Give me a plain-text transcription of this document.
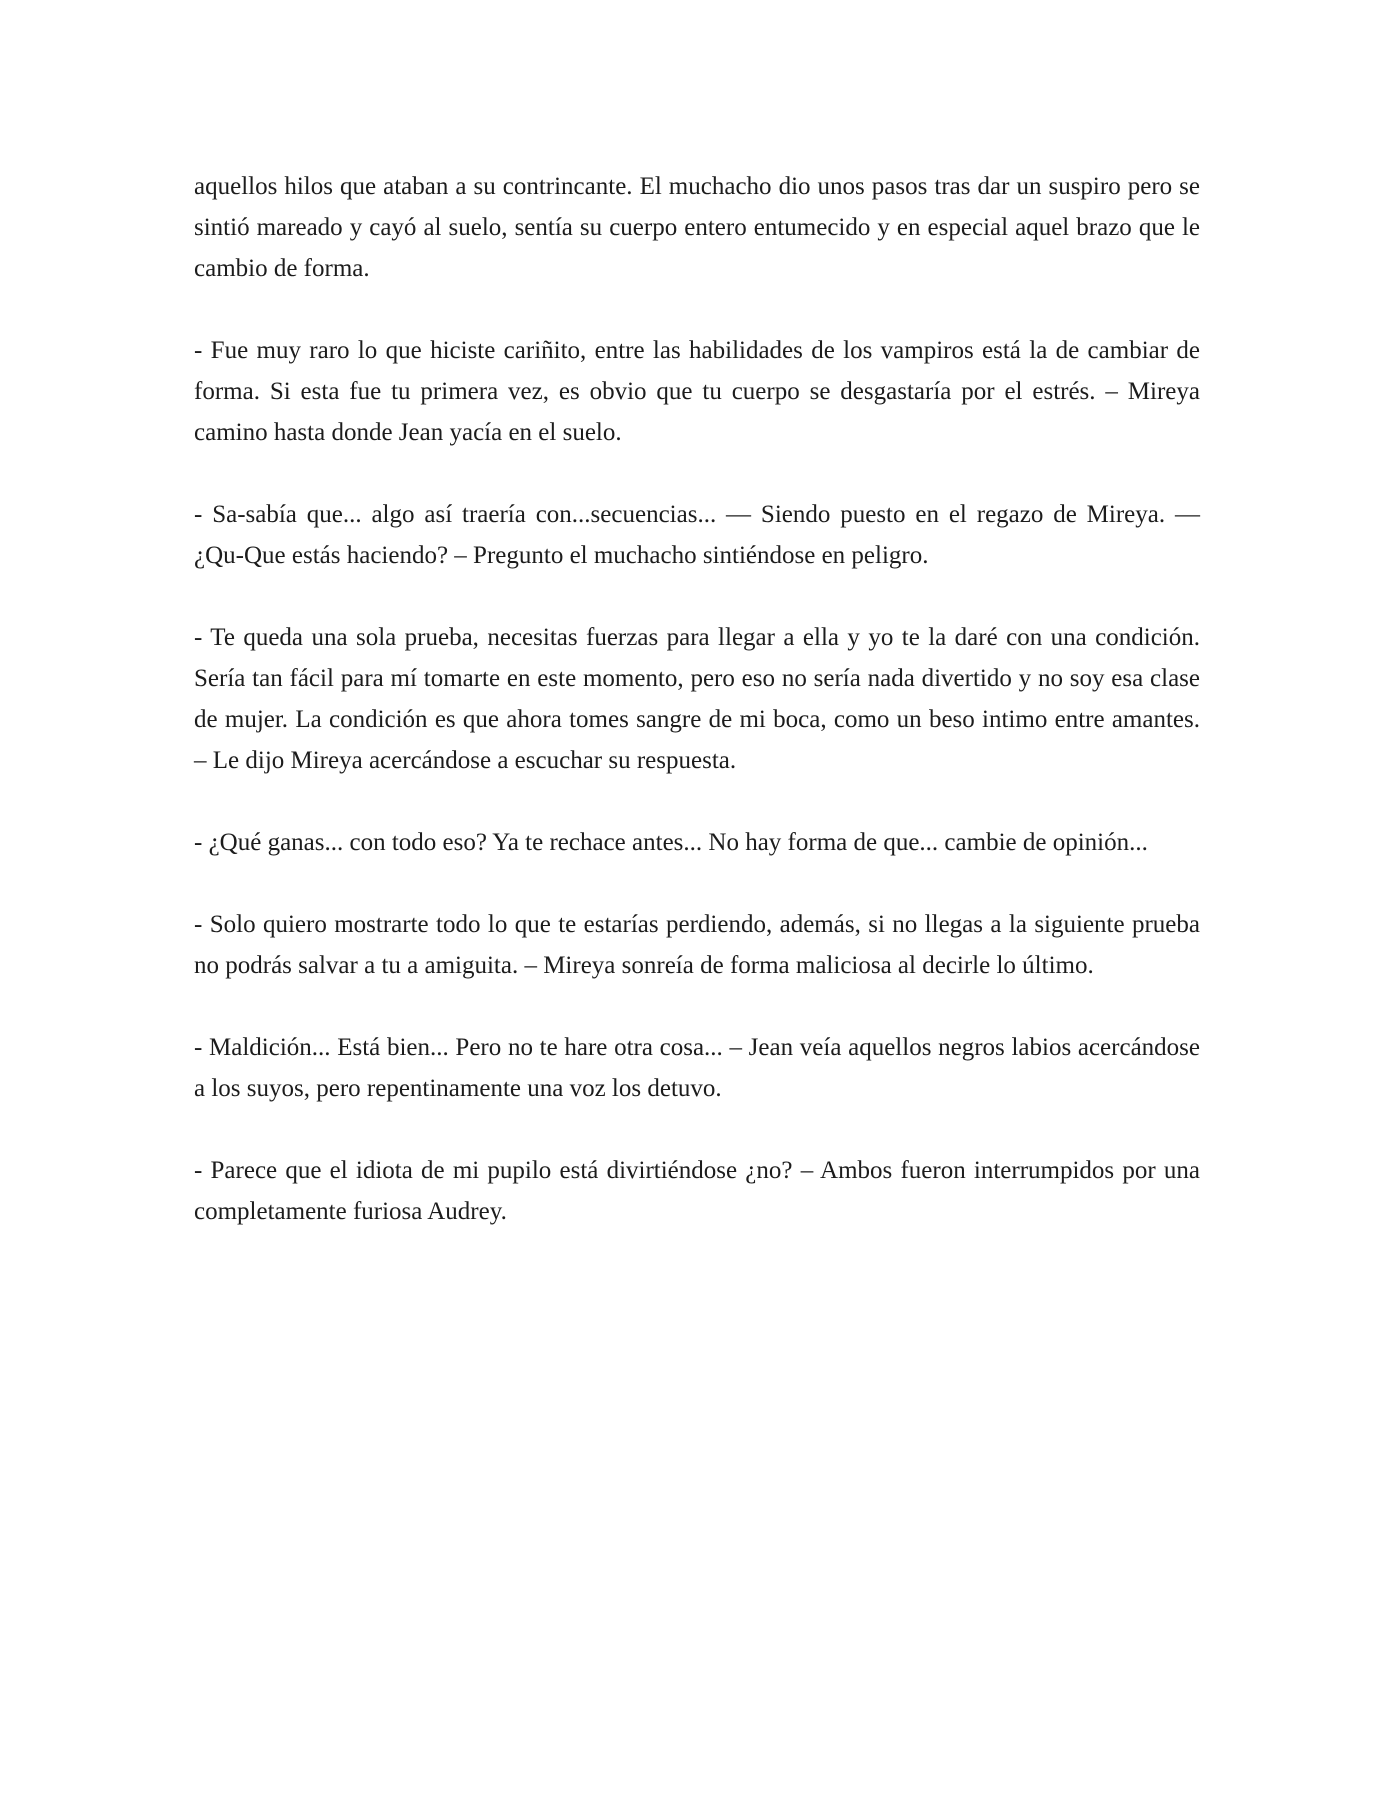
aquellos hilos que ataban a su contrincante. El muchacho dio unos pasos tras dar un suspiro pero se sintió mareado y cayó al suelo, sentía su cuerpo entero entumecido y en especial aquel brazo que le cambio de forma.

- Fue muy raro lo que hiciste cariñito, entre las habilidades de los vampiros está la de cambiar de forma. Si esta fue tu primera vez, es obvio que tu cuerpo se desgastaría por el estrés. – Mireya camino hasta donde Jean yacía en el suelo.

- Sa-sabía que... algo así traería con...secuencias... — Siendo puesto en el regazo de Mireya. — ¿Qu-Que estás haciendo? – Pregunto el muchacho sintiéndose en peligro.

- Te queda una sola prueba, necesitas fuerzas para llegar a ella y yo te la daré con una condición. Sería tan fácil para mí tomarte en este momento, pero eso no sería nada divertido y no soy esa clase de mujer. La condición es que ahora tomes sangre de mi boca, como un beso intimo entre amantes. – Le dijo Mireya acercándose a escuchar su respuesta.

- ¿Qué ganas... con todo eso? Ya te rechace antes... No hay forma de que... cambie de opinión...

- Solo quiero mostrarte todo lo que te estarías perdiendo, además, si no llegas a la siguiente prueba no podrás salvar a tu a amiguita. – Mireya sonreía de forma maliciosa al decirle lo último.

- Maldición... Está bien... Pero no te hare otra cosa... – Jean veía aquellos negros labios acercándose a los suyos, pero repentinamente una voz los detuvo.

- Parece que el idiota de mi pupilo está divirtiéndose ¿no? – Ambos fueron interrumpidos por una completamente furiosa Audrey.
